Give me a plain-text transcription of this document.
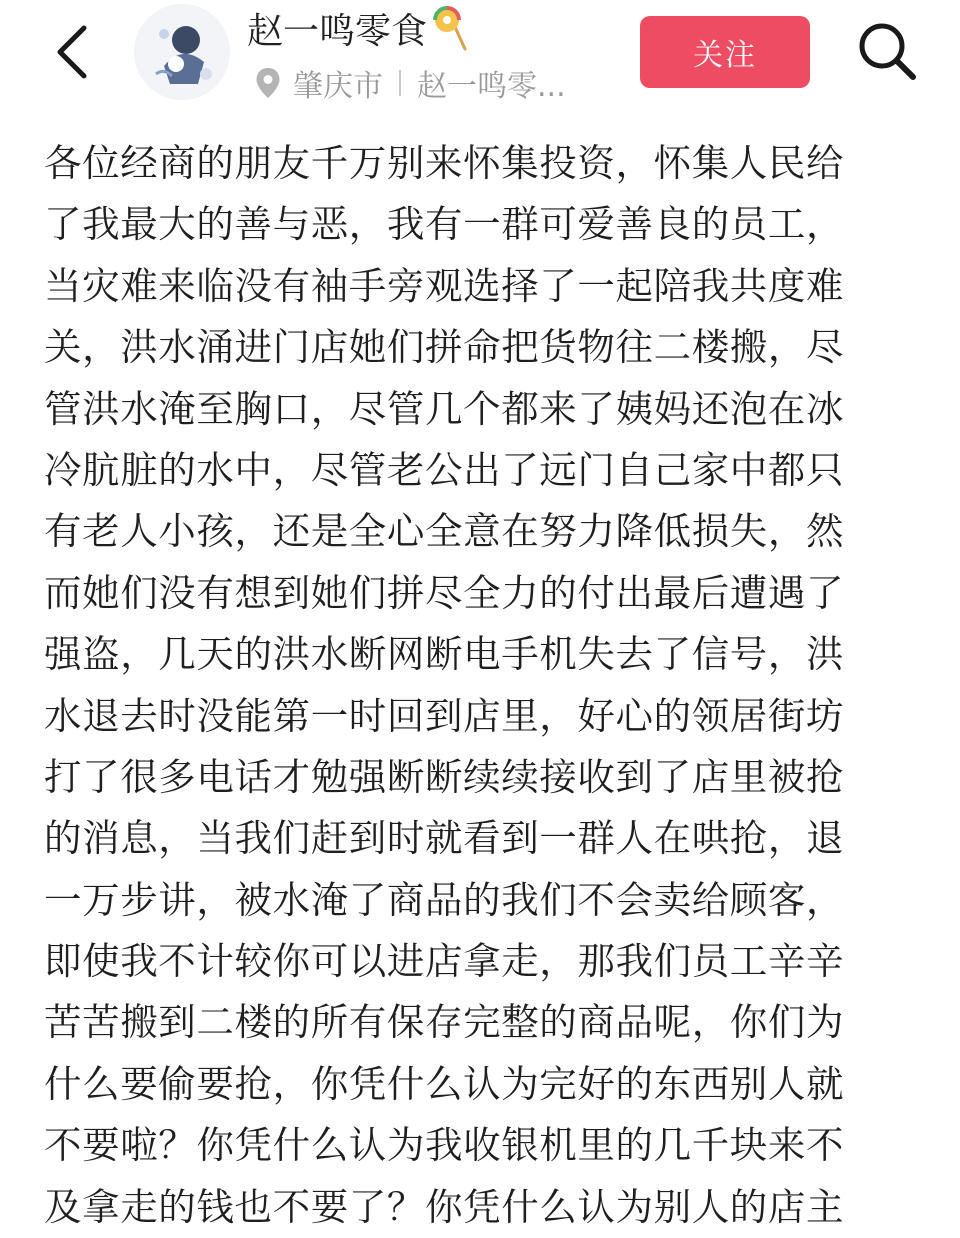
赵一鸣零食
肇庆市 赵一鸣零...
关注
各位经商的朋友千万别来怀集投资，怀集人民给
了我最大的善与恶，我有一群可爱善良的员工，
当灾难来临没有袖手旁观选择了一起陪我共度难
关，洪水涌进门店她们拼命把货物往二楼搬，尽
管洪水淹至胸口，尽管几个都来了姨妈还泡在冰
冷肮脏的水中，尽管老公出了远门自己家中都只
有老人小孩，还是全心全意在努力降低损失，然
而她们没有想到她们拼尽全力的付出最后遭遇了
强盗，几天的洪水断网断电手机失去了信号，洪
水退去时没能第一时回到店里，好心的领居街坊
打了很多电话才勉强断断续续接收到了店里被抢
的消息，当我们赶到时就看到一群人在哄抢，退
一万步讲，被水淹了商品的我们不会卖给顾客，
即使我不计较你可以进店拿走，那我们员工辛辛
苦苦搬到二楼的所有保存完整的商品呢，你们为
什么要偷要抢，你凭什么认为完好的东西别人就
不要啦？你凭什么认为我收银机里的几千块来不
及拿走的钱也不要了？你凭什么认为别人的店主
